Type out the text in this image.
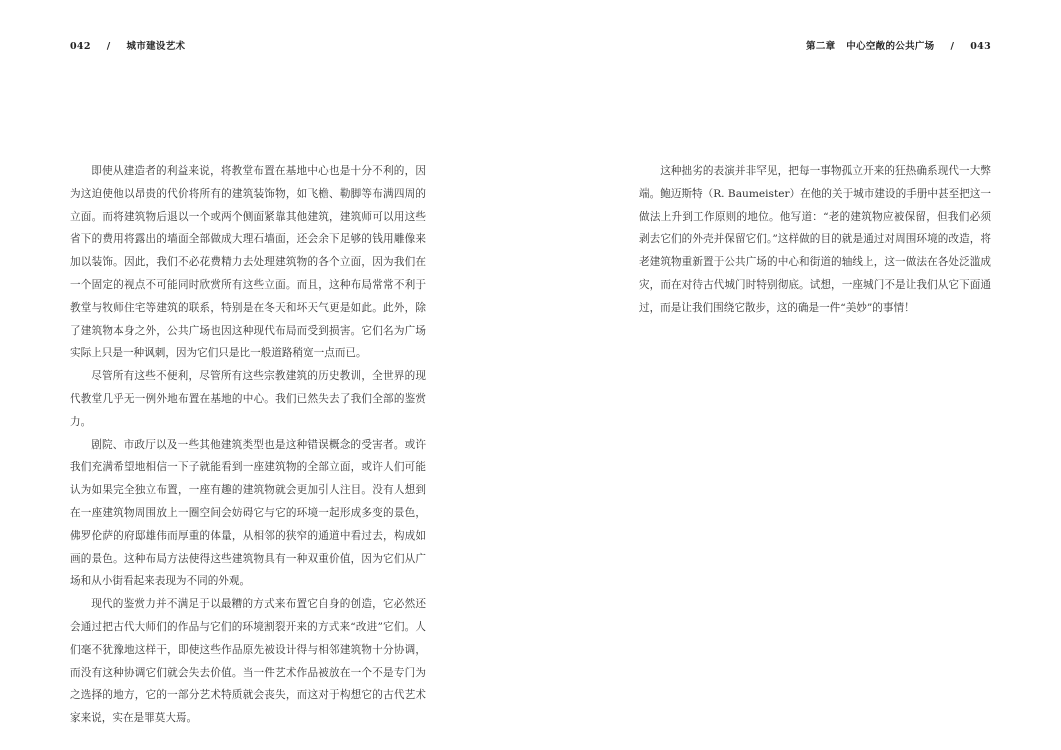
042 / 城市建设艺术

即使从建造者的利益来说，将教堂布置在基地中心也是十分不利的，因为这迫使他以昂贵的代价将所有的建筑装饰物，如飞檐、勒脚等布满四周的立面。而将建筑物后退以一个或两个侧面紧靠其他建筑，建筑师可以用这些省下的费用将露出的墙面全部做成大理石墙面，还会余下足够的钱用雕像来加以装饰。因此，我们不必花费精力去处理建筑物的各个立面，因为我们在一个固定的视点不可能同时欣赏所有这些立面。而且，这种布局常常不利于教堂与牧师住宅等建筑的联系，特别是在冬天和坏天气更是如此。此外，除了建筑物本身之外，公共广场也因这种现代布局而受到损害。它们名为广场实际上只是一种讽刺，因为它们只是比一般道路稍宽一点而已。

尽管所有这些不便利，尽管所有这些宗教建筑的历史教训，全世界的现代教堂几乎无一例外地布置在基地的中心。我们已然失去了我们全部的鉴赏力。

剧院、市政厅以及一些其他建筑类型也是这种错误概念的受害者。或许我们充满希望地相信一下子就能看到一座建筑物的全部立面，或许人们可能认为如果完全独立布置，一座有趣的建筑物就会更加引人注目。没有人想到在一座建筑物周围放上一圈空间会妨碍它与它的环境一起形成多变的景色，佛罗伦萨的府邸雄伟而厚重的体量，从相邻的狭窄的通道中看过去，构成如画的景色。这种布局方法使得这些建筑物具有一种双重价值，因为它们从广场和从小街看起来表现为不同的外观。

现代的鉴赏力并不满足于以最糟的方式来布置它自身的创造，它必然还会通过把古代大师们的作品与它们的环境割裂开来的方式来“改进”它们。人们毫不犹豫地这样干，即使这些作品原先被设计得与相邻建筑物十分协调，而没有这种协调它们就会失去价值。当一件艺术作品被放在一个不是专门为之选择的地方，它的一部分艺术特质就会丧失，而这对于构想它的古代艺术家来说，实在是罪莫大焉。

第二章 中心空敞的公共广场 / 043

这种拙劣的表演并非罕见，把每一事物孤立开来的狂热确系现代一大弊端。鲍迈斯特（R. Baumeister）在他的关于城市建设的手册中甚至把这一做法上升到工作原则的地位。他写道：“老的建筑物应被保留，但我们必须剥去它们的外壳并保留它们。”这样做的目的就是通过对周围环境的改造，将老建筑物重新置于公共广场的中心和街道的轴线上，这一做法在各处泛滥成灾，而在对待古代城门时特别彻底。试想，一座城门不是让我们从它下面通过，而是让我们围绕它散步，这的确是一件“美妙”的事情！
